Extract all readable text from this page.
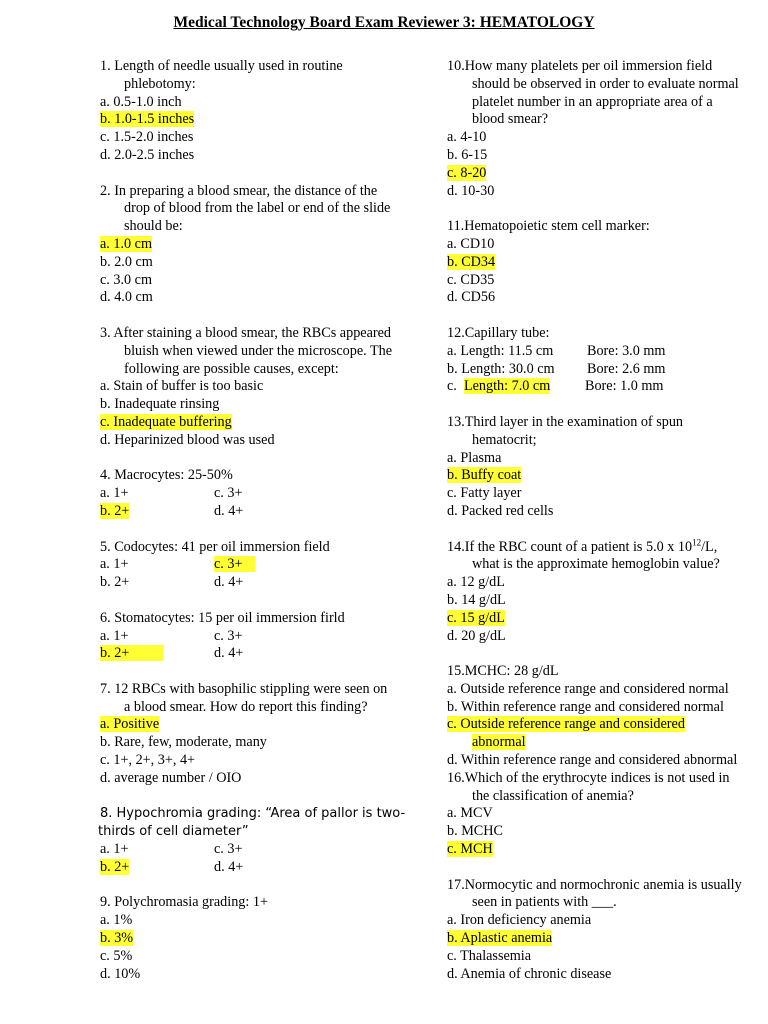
Medical Technology Board Exam Reviewer 3: HEMATOLOGY
1. Length of needle usually used in routine
phlebotomy:
a. 0.5-1.0 inch
b. 1.0-1.5 inches
c. 1.5-2.0 inches
d. 2.0-2.5 inches
2. In preparing a blood smear, the distance of the
drop of blood from the label or end of the slide
should be:
a. 1.0 cm
b. 2.0 cm
c. 3.0 cm
d. 4.0 cm
3. After staining a blood smear, the RBCs appeared
bluish when viewed under the microscope. The
following are possible causes, except:
a. Stain of buffer is too basic
b. Inadequate rinsing
c. Inadequate buffering
d. Heparinized blood was used
4. Macrocytes: 25-50%
a. 1+	c. 3+
b. 2+	d. 4+
5. Codocytes: 41 per oil immersion field
a. 1+	c. 3+
b. 2+	d. 4+
6. Stomatocytes: 15 per oil immersion firld
a. 1+	c. 3+
b. 2+	d. 4+
7. 12 RBCs with basophilic stippling were seen on
a blood smear. How do report this finding?
a. Positive
b. Rare, few, moderate, many
c. 1+, 2+, 3+, 4+
d. average number / OIO
8. Hypochromia grading: “Area of pallor is two-
thirds of cell diameter”
a. 1+	c. 3+
b. 2+	d. 4+
9. Polychromasia grading: 1+
a. 1%
b. 3%
c. 5%
d. 10%
10.How many platelets per oil immersion field
should be observed in order to evaluate normal
platelet number in an appropriate area of a
blood smear?
a. 4-10
b. 6-15
c. 8-20
d. 10-30
11.Hematopoietic stem cell marker:
a. CD10
b. CD34
c. CD35
d. CD56
12.Capillary tube:
a. Length: 11.5 cm	Bore: 3.0 mm
b. Length: 30.0 cm	Bore: 2.6 mm
c.  Length: 7.0 cm	Bore: 1.0 mm
13.Third layer in the examination of spun
hematocrit;
a. Plasma
b. Buffy coat
c. Fatty layer
d. Packed red cells
14.If the RBC count of a patient is 5.0 x $10^{12}/L$,
what is the approximate hemoglobin value?
a. 12 g/dL
b. 14 g/dL
c. 15 g/dL
d. 20 g/dL
15.MCHC: 28 g/dL
a. Outside reference range and considered normal
b. Within reference range and considered normal
c. Outside reference range and considered
abnormal
d. Within reference range and considered abnormal
16.Which of the erythrocyte indices is not used in
the classification of anemia?
a. MCV
b. MCHC
c. MCH
17.Normocytic and normochronic anemia is usually
seen in patients with ___.
a. Iron deficiency anemia
b. Aplastic anemia
c. Thalassemia
d. Anemia of chronic disease
